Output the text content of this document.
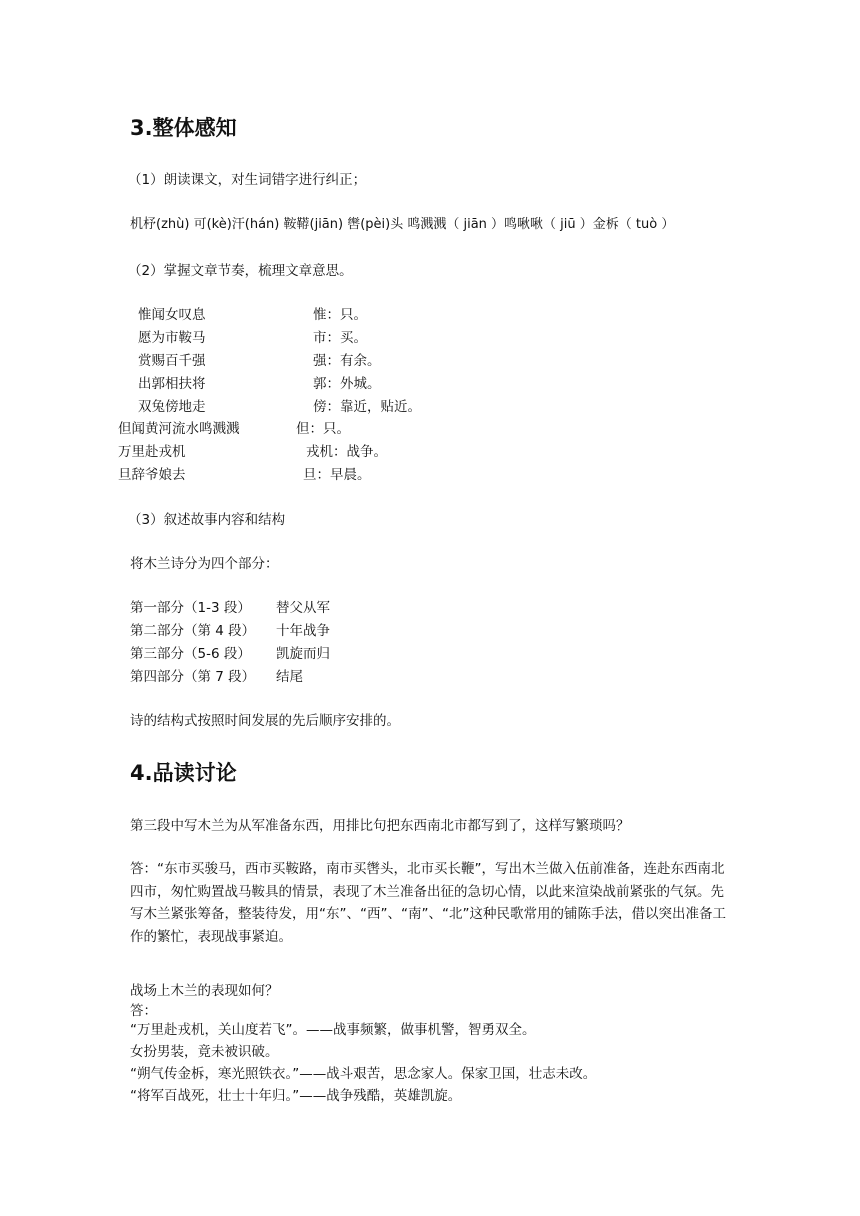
3.整体感知
（1）朗读课文，对生词错字进行纠正；
机杼(zhù) 可(kè)汗(hán) 鞍鞯(jiān) 辔(pèi)头 鸣溅溅（ jiān ）鸣啾啾（ jiū ）金柝（ tuò ）
（2）掌握文章节奏，梳理文章意思。
惟闻女叹息	惟：只。
愿为市鞍马	市：买。
赏赐百千强	强：有余。
出郭相扶将	郭：外城。
双兔傍地走	傍：靠近，贴近。
但闻黄河流水鸣溅溅	但：只。
万里赴戎机	戎机：战争。
旦辞爷娘去	旦：早晨。
（3）叙述故事内容和结构
将木兰诗分为四个部分：
第一部分（1-3 段） 替父从军
第二部分（第 4 段） 十年战争
第三部分（5-6 段） 凯旋而归
第四部分（第 7 段） 结尾
诗的结构式按照时间发展的先后顺序安排的。
4.品读讨论
第三段中写木兰为从军准备东西，用排比句把东西南北市都写到了，这样写繁琐吗？
答：“东市买骏马，西市买鞍路，南市买辔头，北市买长鞭”，写出木兰做入伍前准备，连赴东西南北四市，匆忙购置战马鞍具的情景，表现了木兰准备出征的急切心情，以此来渲染战前紧张的气氛。先写木兰紧张筹备，整装待发，用“东”、“西”、“南”、“北”这种民歌常用的铺陈手法，借以突出准备工作的繁忙，表现战事紧迫。
战场上木兰的表现如何？
答：
“万里赴戎机，关山度若飞”。——战事频繁，做事机警，智勇双全。
女扮男装，竟未被识破。
“朔气传金柝，寒光照铁衣。”——战斗艰苦，思念家人。保家卫国，壮志未改。
“将军百战死，壮士十年归。”——战争残酷，英雄凯旋。
